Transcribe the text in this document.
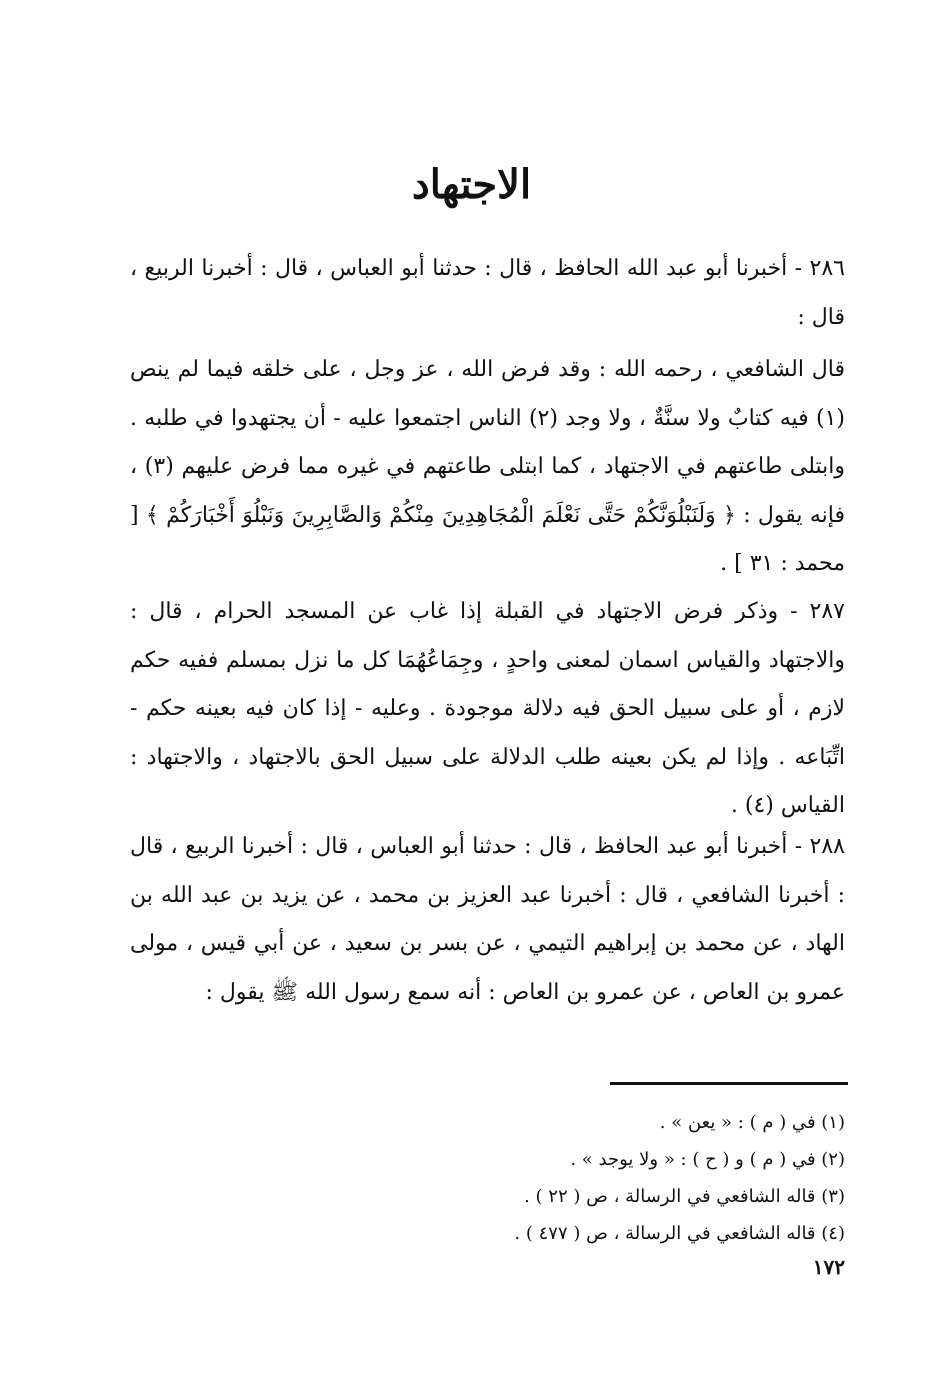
الاجتهاد

٢٨٦ - أخبرنا أبو عبد الله الحافظ ، قال : حدثنا أبو العباس ، قال : أخبرنا الربيع ، قال :

قال الشافعي ، رحمه الله : وقد فرض الله ، عز وجل ، على خلقه فيما لم ينص (١) فيه كتابٌ ولا سنَّةٌ ، ولا وجد (٢) الناس اجتمعوا عليه - أن يجتهدوا في طلبه . وابتلى طاعتهم في الاجتهاد ، كما ابتلى طاعتهم في غيره مما فرض عليهم (٣) ، فإنه يقول : ﴿ وَلَنَبْلُوَنَّكُمْ حَتَّى نَعْلَمَ الْمُجَاهِدِينَ مِنْكُمْ وَالصَّابِرِينَ وَنَبْلُوَ أَخْبَارَكُمْ ﴾ [ محمد : ٣١ ] .

٢٨٧ - وذكر فرض الاجتهاد في القبلة إذا غاب عن المسجد الحرام ، قال : والاجتهاد والقياس اسمان لمعنى واحدٍ ، وجِمَاعُهُمَا كل ما نزل بمسلم ففيه حكم لازم ، أو على سبيل الحق فيه دلالة موجودة . وعليه - إذا كان فيه بعينه حكم - اتِّبَاعه . وإذا لم يكن بعينه طلب الدلالة على سبيل الحق بالاجتهاد ، والاجتهاد : القياس (٤) .

٢٨٨ - أخبرنا أبو عبد الحافظ ، قال : حدثنا أبو العباس ، قال : أخبرنا الربيع ، قال : أخبرنا الشافعي ، قال : أخبرنا عبد العزيز بن محمد ، عن يزيد بن عبد الله بن الهاد ، عن محمد بن إبراهيم التيمي ، عن بسر بن سعيد ، عن أبي قيس ، مولى عمرو بن العاص ، عن عمرو بن العاص : أنه سمع رسول الله ﷺ يقول :

(١) في ( م ) : « يعن » .
(٢) في ( م ) و ( ح ) : « ولا يوجد » .
(٣) قاله الشافعي في الرسالة ، ص ( ٢٢ ) .
(٤) قاله الشافعي في الرسالة ، ص ( ٤٧٧ ) .
١٧٢
